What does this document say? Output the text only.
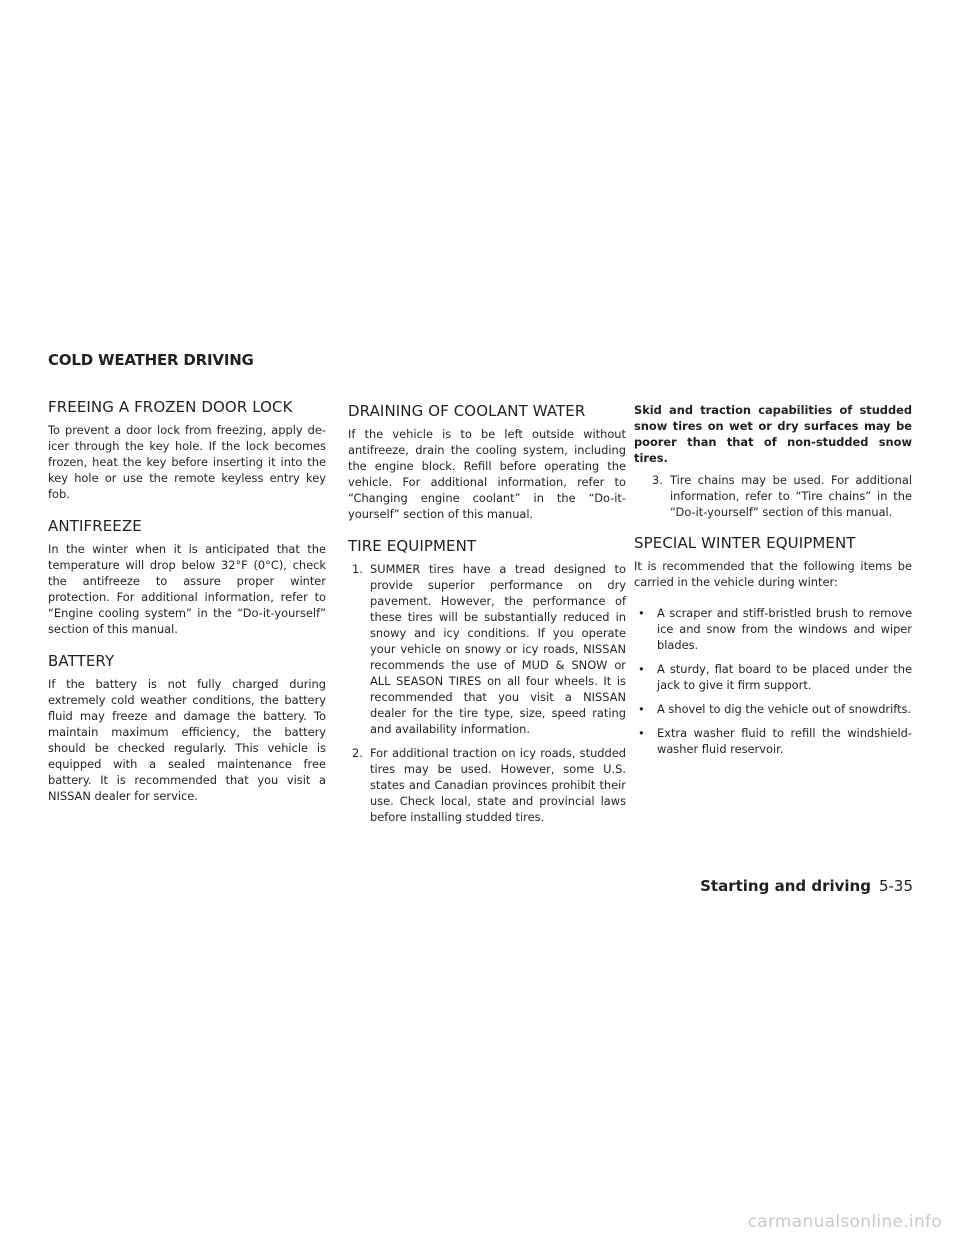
COLD WEATHER DRIVING
FREEING A FROZEN DOOR LOCK

To prevent a door lock from freezing, apply de-icer through the key hole. If the lock becomes frozen, heat the key before inserting it into the key hole or use the remote keyless entry key fob.

ANTIFREEZE

In the winter when it is anticipated that the temperature will drop below 32°F (0°C), check the antifreeze to assure proper winter protection. For additional information, refer to “Engine cooling system” in the “Do-it-yourself” section of this manual.

BATTERY

If the battery is not fully charged during extremely cold weather conditions, the battery fluid may freeze and damage the battery. To maintain maximum efficiency, the battery should be checked regularly. This vehicle is equipped with a sealed maintenance free battery. It is recommended that you visit a NISSAN dealer for service.

DRAINING OF COOLANT WATER

If the vehicle is to be left outside without antifreeze, drain the cooling system, including the engine block. Refill before operating the vehicle. For additional information, refer to “Changing engine coolant” in the “Do-it-yourself” section of this manual.

TIRE EQUIPMENT
1. SUMMER tires have a tread designed to provide superior performance on dry pavement. However, the performance of these tires will be substantially reduced in snowy and icy conditions. If you operate your vehicle on snowy or icy roads, NISSAN recommends the use of MUD & SNOW or ALL SEASON TIRES on all four wheels. It is recommended that you visit a NISSAN dealer for the tire type, size, speed rating and availability information.
2. For additional traction on icy roads, studded tires may be used. However, some U.S. states and Canadian provinces prohibit their use. Check local, state and provincial laws before installing studded tires.

Skid and traction capabilities of studded snow tires on wet or dry surfaces may be poorer than that of non-studded snow tires.

3. Tire chains may be used. For additional information, refer to “Tire chains” in the “Do-it-yourself” section of this manual.
SPECIAL WINTER EQUIPMENT

It is recommended that the following items be carried in the vehicle during winter:

• A scraper and stiff-bristled brush to remove ice and snow from the windows and wiper blades.
• A sturdy, flat board to be placed under the jack to give it firm support.
• A shovel to dig the vehicle out of snowdrifts.
• Extra washer fluid to refill the windshield-washer fluid reservoir.
Starting and driving 5-35
carmanualsonline.info
